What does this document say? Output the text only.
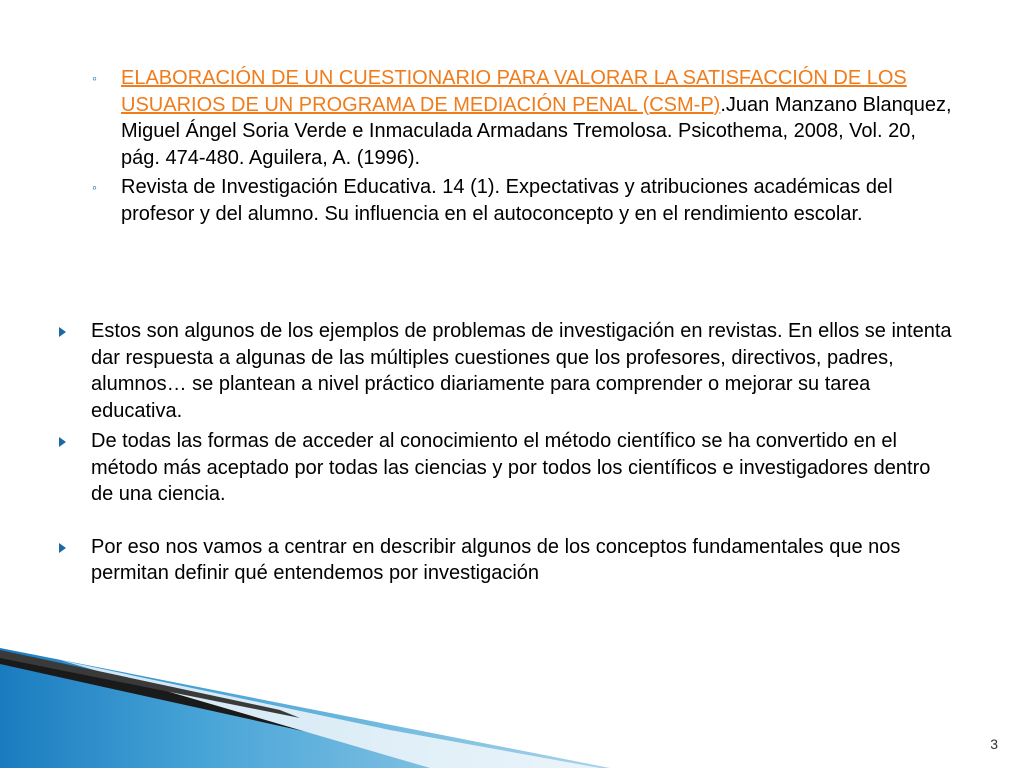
◦ ELABORACIÓN DE UN CUESTIONARIO PARA VALORAR LA SATISFACCIÓN DE LOS USUARIOS DE UN PROGRAMA DE MEDIACIÓN PENAL (CSM-P).Juan Manzano Blanquez, Miguel Ángel Soria Verde e Inmaculada Armadans Tremolosa. Psicothema, 2008, Vol. 20, pág. 474-480. Aguilera, A. (1996).
◦ Revista de Investigación Educativa. 14 (1). Expectativas y atribuciones académicas del profesor y del alumno. Su influencia en el autoconcepto y en el rendimiento escolar.
Estos son algunos de los ejemplos de problemas de investigación en revistas. En ellos se intenta dar respuesta a algunas de las múltiples cuestiones que los profesores, directivos, padres, alumnos… se plantean a nivel práctico diariamente para comprender o mejorar su tarea educativa.
De todas las formas de acceder al conocimiento el método científico se ha convertido en el método más aceptado por todas las ciencias y por todos los científicos e investigadores dentro de una ciencia.
Por eso nos vamos a centrar en describir algunos de los conceptos fundamentales que nos permitan definir qué entendemos por investigación
3
